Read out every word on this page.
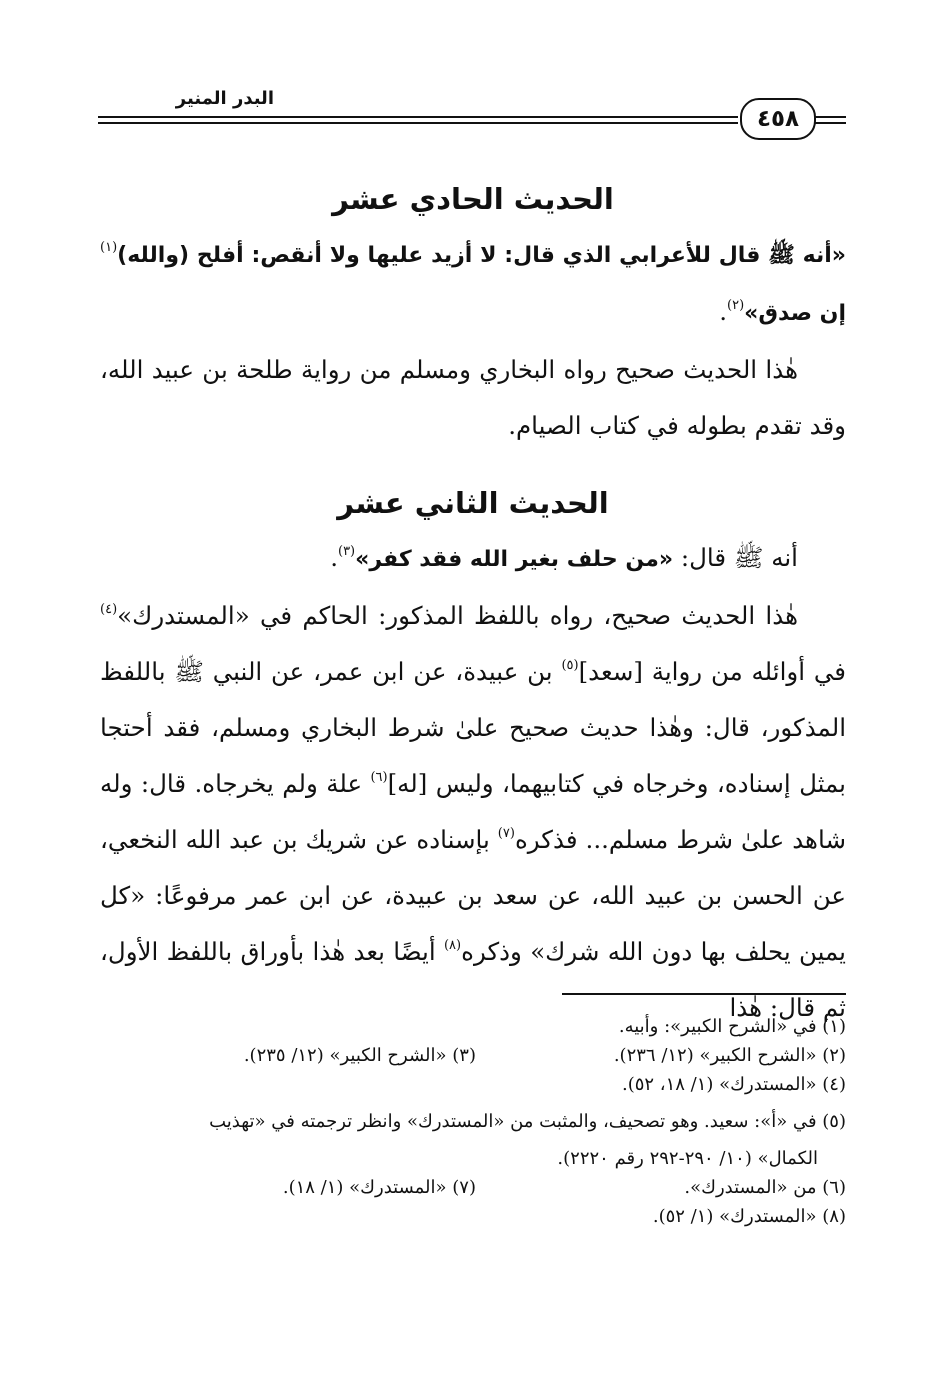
البدر المنير
٤٥٨
الحديث الحادي عشر

«أنه ﷺ قال للأعرابي الذي قال: لا أزيد عليها ولا أنقص: أفلح (والله)$^{(١)}$ إن صدق»$^{(٢)}$.

هٰذا الحديث صحيح رواه البخاري ومسلم من رواية طلحة بن عبيد الله، وقد تقدم بطوله في كتاب الصيام.

الحديث الثاني عشر

أنه ﷺ قال: «من حلف بغير الله فقد كفر»$^{(٣)}$.

هٰذا الحديث صحيح، رواه باللفظ المذكور: الحاكم في «المستدرك»$^{(٤)}$ في أوائله من رواية [سعد]$^{(٥)}$ بن عبيدة، عن ابن عمر، عن النبي ﷺ باللفظ المذكور، قال: وهٰذا حديث صحيح علىٰ شرط البخاري ومسلم، فقد أحتجا بمثل إسناده، وخرجاه في كتابيهما، وليس [له]$^{(٦)}$ علة ولم يخرجاه. قال: وله شاهد علىٰ شرط مسلم... فذكره$^{(٧)}$ بإسناده عن شريك بن عبد الله النخعي، عن الحسن بن عبيد الله، عن سعد بن عبيدة، عن ابن عمر مرفوعًا: «كل يمين يحلف بها دون الله شرك» وذكره$^{(٨)}$ أيضًا بعد هٰذا بأوراق باللفظ الأول، ثم قال: هٰذا

(١) في «الشرح الكبير»: وأبيه.
(٢) «الشرح الكبير» (١٢/ ٢٣٦).
(٣) «الشرح الكبير» (١٢/ ٢٣٥).
(٤) «المستدرك» (١/ ١٨، ٥٢).
(٥) في «أ»: سعيد. وهو تصحيف، والمثبت من «المستدرك» وانظر ترجمته في «تهذيب
الكمال» (١٠/ ٢٩٠-٢٩٢ رقم ٢٢٢٠).
(٦) من «المستدرك».
(٧) «المستدرك» (١/ ١٨).
(٨) «المستدرك» (١/ ٥٢).
